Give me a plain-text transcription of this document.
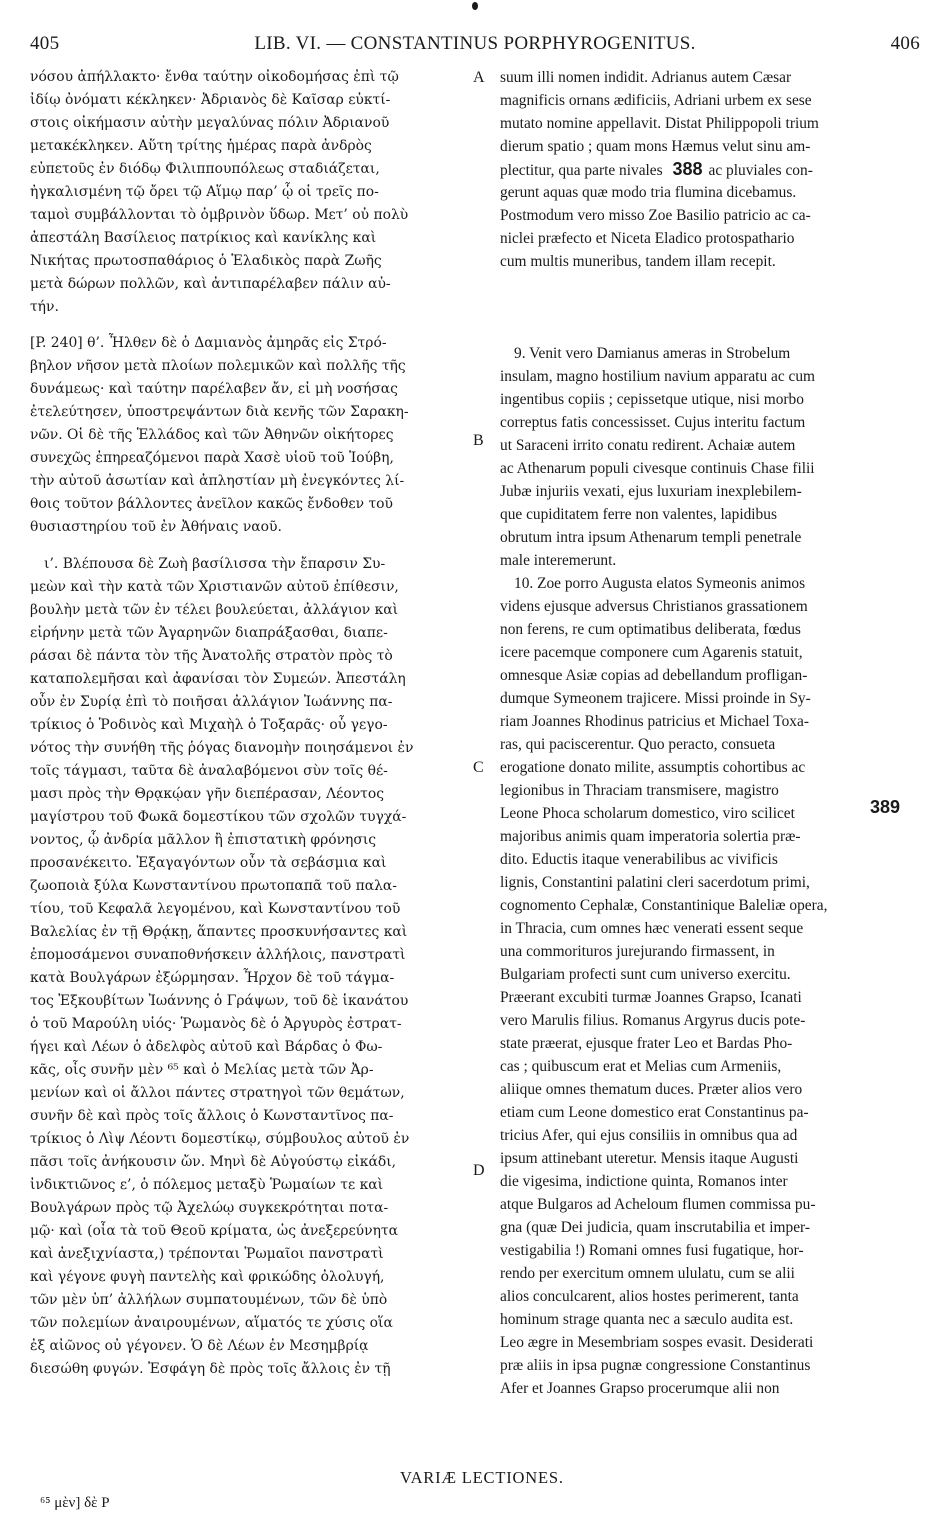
405	LIB. VI. — CONSTANTINUS PORPHYROGENITUS.	406
νόσου ἀπήλλακτο· ἔνθα ταύτην οἰκοδομήσας ἐπὶ τῷ
ἰδίῳ ὀνόματι κέκληκεν· Ἀδριανὸς δὲ Καῖσαρ εὐκτί-
στοις οἰκήμασιν αὐτὴν μεγαλύνας πόλιν Ἀδριανοῦ
μετακέκληκεν. Αὕτη τρίτης ἡμέρας παρὰ ἀνδρὸς
εὐπετοῦς ἐν διόδῳ Φιλιππουπόλεως σταδιάζεται,
ἠγκαλισμένη τῷ ὄρει τῷ Αἵμῳ παρ’ ᾧ οἱ τρεῖς πο-
ταμοὶ συμβάλλονται τὸ ὀμβρινὸν ὕδωρ. Μετ’ οὐ πολὺ
ἀπεστάλη Βασίλειος πατρίκιος καὶ κανίκλης καὶ
Νικήτας πρωτοσπαθάριος ὁ Ἑλαδικὸς παρὰ Ζωῆς
μετὰ δώρων πολλῶν, καὶ ἀντιπαρέλαβεν πάλιν αὐ-
τήν.
[P. 240] θ’. Ἦλθεν δὲ ὁ Δαμιανὸς ἀμηρᾶς εἰς Στρό-
βηλον νῆσον μετὰ πλοίων πολεμικῶν καὶ πολλῆς τῆς
δυνάμεως· καὶ ταύτην παρέλαβεν ἄν, εἰ μὴ νοσήσας
ἐτελεύτησεν, ὑποστρεψάντων διὰ κενῆς τῶν Σαρακη-
νῶν. Οἱ δὲ τῆς Ἑλλάδος καὶ τῶν Ἀθηνῶν οἰκήτορες
συνεχῶς ἐπηρεαζόμενοι παρὰ Χασὲ υἱοῦ τοῦ Ἰούβη,
τὴν αὐτοῦ ἀσωτίαν καὶ ἀπληστίαν μὴ ἐνεγκόντες λί-
θοις τοῦτον βάλλοντες ἀνεῖλον κακῶς ἔνδοθεν τοῦ
θυσιαστηρίου τοῦ ἐν Ἀθήναις ναοῦ.
ι’. Βλέπουσα δὲ Ζωὴ βασίλισσα τὴν ἔπαρσιν Συ-
μεὼν καὶ τὴν κατὰ τῶν Χριστιανῶν αὐτοῦ ἐπίθεσιν,
βουλὴν μετὰ τῶν ἐν τέλει βουλεύεται, ἀλλάγιον καὶ
εἰρήνην μετὰ τῶν Ἀγαρηνῶν διαπράξασθαι, διαπε-
ράσαι δὲ πάντα τὸν τῆς Ἀνατολῆς στρατὸν πρὸς τὸ
καταπολεμῆσαι καὶ ἀφανίσαι τὸν Συμεών. Ἀπεστάλη
οὖν ἐν Συρίᾳ ἐπὶ τὸ ποιῆσαι ἀλλάγιον Ἰωάννης πα-
τρίκιος ὁ Ῥοδινὸς καὶ Μιχαὴλ ὁ Τοξαρᾶς· οὗ γεγο-
νότος τὴν συνήθη τῆς ῥόγας διανομὴν ποιησάμενοι ἐν
τοῖς τάγμασι, ταῦτα δὲ ἀναλαβόμενοι σὺν τοῖς θέ-
μασι πρὸς τὴν Θρᾳκῴαν γῆν διεπέρασαν, Λέοντος
μαγίστρου τοῦ Φωκᾶ δομεστίκου τῶν σχολῶν τυγχά-
νοντος, ᾧ ἀνδρία μᾶλλον ἢ ἐπιστατικὴ φρόνησις
προσανέκειτο. Ἐξαγαγόντων οὖν τὰ σεβάσμια καὶ
ζωοποιὰ ξύλα Κωνσταντίνου πρωτοπαπᾶ τοῦ παλα-
τίου, τοῦ Κεφαλᾶ λεγομένου, καὶ Κωνσταντίνου τοῦ
Βαλελίας ἐν τῇ Θρᾴκῃ, ἅπαντες προσκυνήσαντες καὶ
ἐπομοσάμενοι συναποθνήσκειν ἀλλήλοις, πανστρατὶ
κατὰ Βουλγάρων ἐξώρμησαν. Ἦρχον δὲ τοῦ τάγμα-
τος Ἐξκουβίτων Ἰωάννης ὁ Γράψων, τοῦ δὲ ἱκανάτου
ὁ τοῦ Μαρούλη υἱός· Ῥωμανὸς δὲ ὁ Ἀργυρὸς ἐστρατ-
ήγει καὶ Λέων ὁ ἀδελφὸς αὐτοῦ καὶ Βάρδας ὁ Φω-
κᾶς, οἷς συνῆν μὲν ⁶⁵ καὶ ὁ Μελίας μετὰ τῶν Ἀρ-
μενίων καὶ οἱ ἄλλοι πάντες στρατηγοὶ τῶν θεμάτων,
συνῆν δὲ καὶ πρὸς τοῖς ἄλλοις ὁ Κωνσταντῖνος πα-
τρίκιος ὁ Λὶψ Λέοντι δομεστίκῳ, σύμβουλος αὐτοῦ ἐν
πᾶσι τοῖς ἀνήκουσιν ὤν. Μηνὶ δὲ Αὐγούστῳ εἰκάδι,
ἰνδικτιῶνος ε’, ὁ πόλεμος μεταξὺ Ῥωμαίων τε καὶ
Βουλγάρων πρὸς τῷ Ἀχελώῳ συγκεκρότηται ποτα-
μῷ· καὶ (οἷα τὰ τοῦ Θεοῦ κρίματα, ὡς ἀνεξερεύνητα
καὶ ἀνεξιχνίαστα,) τρέπονται Ῥωμαῖοι πανστρατὶ
καὶ γέγονε φυγὴ παντελὴς καὶ φρικώδης ὀλολυγή,
τῶν μὲν ὑπ’ ἀλλήλων συμπατουμένων, τῶν δὲ ὑπὸ
τῶν πολεμίων ἀναιρουμένων, αἵματός τε χύσις οἵα
ἐξ αἰῶνος οὐ γέγονεν. Ὁ δὲ Λέων ἐν Μεσημβρίᾳ
διεσώθη φυγών. Ἐσφάγη δὲ πρὸς τοῖς ἄλλοις ἐν τῇ
suum illi nomen indidit. Adrianus autem Cæsar
magnificis ornans ædificiis, Adriani urbem ex sese
mutato nomine appellavit. Distat Philippopoli trium
dierum spatio ; quam mons Hæmus velut sinu am-
plectitur, qua parte nivales 388 ac pluviales con-
gerunt aquas quæ modo tria flumina dicebamus.
Postmodum vero misso Zoe Basilio patricio ac ca-
niclei præfecto et Niceta Eladico protospathario
cum multis muneribus, tandem illam recepit.
9. Venit vero Damianus ameras in Strobelum
insulam, magno hostilium navium apparatu ac cum
ingentibus copiis ; cepissetque utique, nisi morbo
correptus fatis concessisset. Cujus interitu factum
ut Saraceni irrito conatu redirent. Achaiæ autem
ac Athenarum populi civesque continuis Chase filii
Jubæ injuriis vexati, ejus luxuriam inexplebilem-
que cupiditatem ferre non valentes, lapidibus
obrutum intra ipsum Athenarum templi penetrale
male interemerunt.
10. Zoe porro Augusta elatos Symeonis animos
videns ejusque adversus Christianos grassationem
non ferens, re cum optimatibus deliberata, fœdus
icere pacemque componere cum Agarenis statuit,
omnesque Asiæ copias ad debellandum profligan-
dumque Symeonem trajicere. Missi proinde in Sy-
riam Joannes Rhodinus patricius et Michael Toxa-
ras, qui paciscerentur. Quo peracto, consueta
erogatione donato milite, assumptis cohortibus ac
legionibus in Thraciam transmisere, magistro
Leone Phoca scholarum domestico, viro scilicet
majoribus animis quam imperatoria solertia præ-
dito. Eductis itaque venerabilibus ac vivificis
lignis, Constantini palatini cleri sacerdotum primi,
cognomento Cephalæ, Constantinique Baleliæ opera,
in Thracia, cum omnes hæc venerati essent seque
una commorituros jurejurando firmassent, in
Bulgariam profecti sunt cum universo exercitu.
Præerant excubiti turmæ Joannes Grapso, Icanati
vero Marulis filius. Romanus Argyrus ducis pote-
state præerat, ejusque frater Leo et Bardas Pho-
cas ; quibuscum erat et Melias cum Armeniis,
aliique omnes thematum duces. Præter alios vero
etiam cum Leone domestico erat Constantinus pa-
tricius Afer, qui ejus consiliis in omnibus qua ad
ipsum attinebant uteretur. Mensis itaque Augusti
die vigesima, indictione quinta, Romanos inter
atque Bulgaros ad Acheloum flumen commissa pu-
gna (quæ Dei judicia, quam inscrutabilia et imper-
vestigabilia !) Romani omnes fusi fugatique, hor-
rendo per exercitum omnem ululatu, cum se alii
alios conculcarent, alios hostes perimerent, tanta
hominum strage quanta nec a sæculo audita est.
Leo ægre in Mesembriam sospes evasit. Desiderati
præ aliis in ipsa pugnæ congressione Constantinus
Afer et Joannes Grapso procerumque alii non
A
B
C
D
VARIÆ LECTIONES.
⁶⁵ μὲν] δὲ P
389
